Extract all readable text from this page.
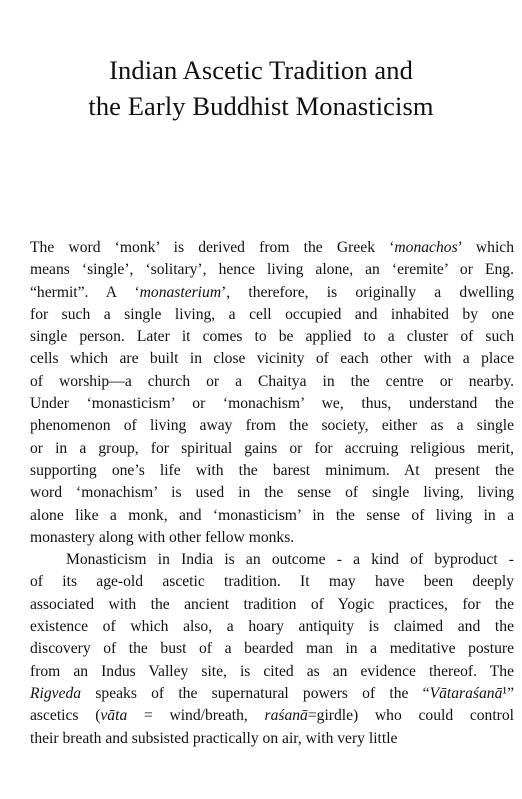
Indian Ascetic Tradition and
the Early Buddhist Monasticism
The word ‘monk’ is derived from the Greek ‘monachos’ which
means ‘single’, ‘solitary’, hence living alone, an ‘eremite’ or Eng.
“hermit”. A ‘monasterium’, therefore, is originally a dwelling
for such a single living, a cell occupied and inhabited by one
single person. Later it comes to be applied to a cluster of such
cells which are built in close vicinity of each other with a place
of worship—a church or a Chaitya in the centre or nearby.
Under ‘monasticism’ or ‘monachism’ we, thus, understand the
phenomenon of living away from the society, either as a single
or in a group, for spiritual gains or for accruing religious merit,
supporting one’s life with the barest minimum. At present the
word ‘monachism’ is used in the sense of single living, living
alone like a monk, and ‘monasticism’ in the sense of living in a
monastery along with other fellow monks.
Monasticism in India is an outcome - a kind of byproduct -
of its age-old ascetic tradition. It may have been deeply
associated with the ancient tradition of Yogic practices, for the
existence of which also, a hoary antiquity is claimed and the
discovery of the bust of a bearded man in a meditative posture
from an Indus Valley site, is cited as an evidence thereof. The
Rigveda speaks of the supernatural powers of the “Vātaraśanā¹”
ascetics (vāta = wind/breath, raśanā=girdle) who could control
their breath and subsisted practically on air, with very little
